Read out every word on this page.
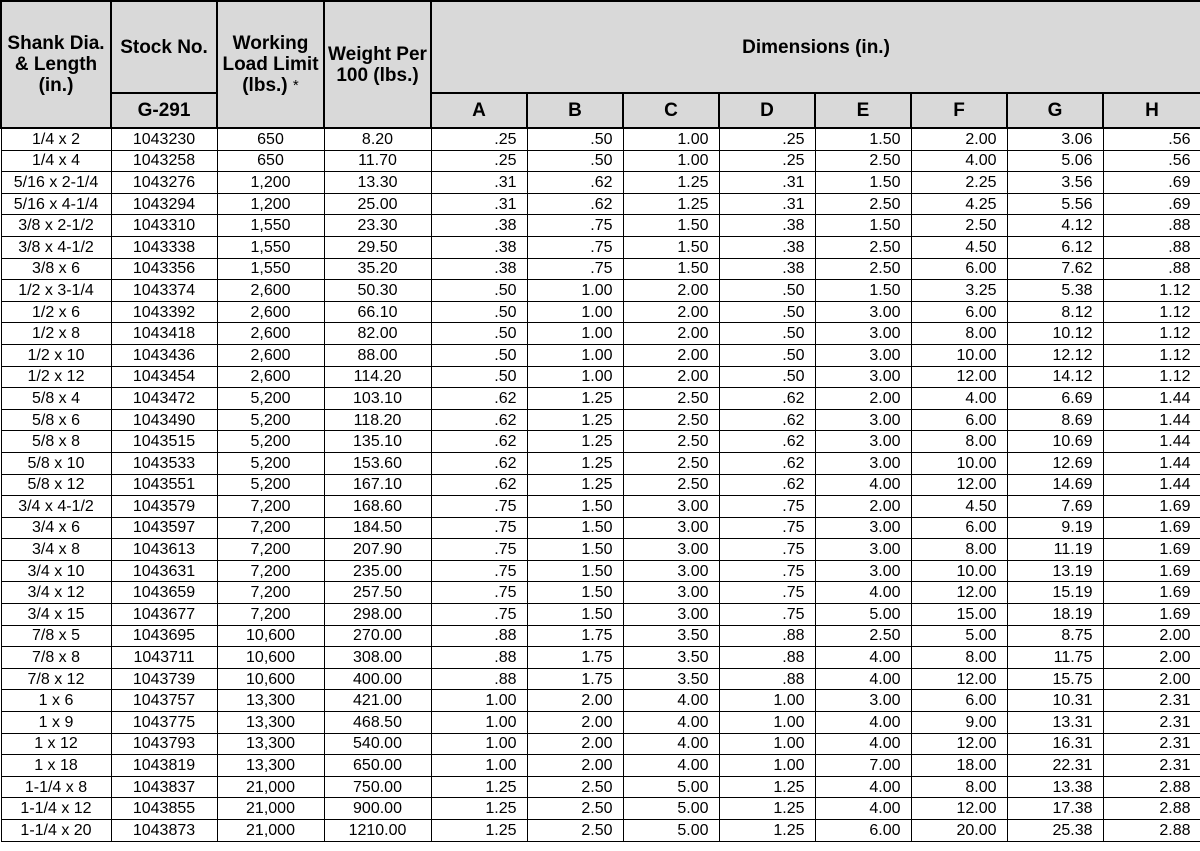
Shank Dia. & Length (in.)	Stock No.	Working Load Limit (lbs.) *	Weight Per 100 (lbs.)	Dimensions (in.)							
	G-291			A	B	C	D	E	F	G	H
1/4 x 2	1043230	650	8.20	.25	.50	1.00	.25	1.50	2.00	3.06	.56
1/4 x 4	1043258	650	11.70	.25	.50	1.00	.25	2.50	4.00	5.06	.56
5/16 x 2-1/4	1043276	1,200	13.30	.31	.62	1.25	.31	1.50	2.25	3.56	.69
5/16 x 4-1/4	1043294	1,200	25.00	.31	.62	1.25	.31	2.50	4.25	5.56	.69
3/8 x 2-1/2	1043310	1,550	23.30	.38	.75	1.50	.38	1.50	2.50	4.12	.88
3/8 x 4-1/2	1043338	1,550	29.50	.38	.75	1.50	.38	2.50	4.50	6.12	.88
3/8 x 6	1043356	1,550	35.20	.38	.75	1.50	.38	2.50	6.00	7.62	.88
1/2 x 3-1/4	1043374	2,600	50.30	.50	1.00	2.00	.50	1.50	3.25	5.38	1.12
1/2 x 6	1043392	2,600	66.10	.50	1.00	2.00	.50	3.00	6.00	8.12	1.12
1/2 x 8	1043418	2,600	82.00	.50	1.00	2.00	.50	3.00	8.00	10.12	1.12
1/2 x 10	1043436	2,600	88.00	.50	1.00	2.00	.50	3.00	10.00	12.12	1.12
1/2 x 12	1043454	2,600	114.20	.50	1.00	2.00	.50	3.00	12.00	14.12	1.12
5/8 x 4	1043472	5,200	103.10	.62	1.25	2.50	.62	2.00	4.00	6.69	1.44
5/8 x 6	1043490	5,200	118.20	.62	1.25	2.50	.62	3.00	6.00	8.69	1.44
5/8 x 8	1043515	5,200	135.10	.62	1.25	2.50	.62	3.00	8.00	10.69	1.44
5/8 x 10	1043533	5,200	153.60	.62	1.25	2.50	.62	3.00	10.00	12.69	1.44
5/8 x 12	1043551	5,200	167.10	.62	1.25	2.50	.62	4.00	12.00	14.69	1.44
3/4 x 4-1/2	1043579	7,200	168.60	.75	1.50	3.00	.75	2.00	4.50	7.69	1.69
3/4 x 6	1043597	7,200	184.50	.75	1.50	3.00	.75	3.00	6.00	9.19	1.69
3/4 x 8	1043613	7,200	207.90	.75	1.50	3.00	.75	3.00	8.00	11.19	1.69
3/4 x 10	1043631	7,200	235.00	.75	1.50	3.00	.75	3.00	10.00	13.19	1.69
3/4 x 12	1043659	7,200	257.50	.75	1.50	3.00	.75	4.00	12.00	15.19	1.69
3/4 x 15	1043677	7,200	298.00	.75	1.50	3.00	.75	5.00	15.00	18.19	1.69
7/8 x 5	1043695	10,600	270.00	.88	1.75	3.50	.88	2.50	5.00	8.75	2.00
7/8 x 8	1043711	10,600	308.00	.88	1.75	3.50	.88	4.00	8.00	11.75	2.00
7/8 x 12	1043739	10,600	400.00	.88	1.75	3.50	.88	4.00	12.00	15.75	2.00
1 x 6	1043757	13,300	421.00	1.00	2.00	4.00	1.00	3.00	6.00	10.31	2.31
1 x 9	1043775	13,300	468.50	1.00	2.00	4.00	1.00	4.00	9.00	13.31	2.31
1 x 12	1043793	13,300	540.00	1.00	2.00	4.00	1.00	4.00	12.00	16.31	2.31
1 x 18	1043819	13,300	650.00	1.00	2.00	4.00	1.00	7.00	18.00	22.31	2.31
1-1/4 x 8	1043837	21,000	750.00	1.25	2.50	5.00	1.25	4.00	8.00	13.38	2.88
1-1/4 x 12	1043855	21,000	900.00	1.25	2.50	5.00	1.25	4.00	12.00	17.38	2.88
1-1/4 x 20	1043873	21,000	1210.00	1.25	2.50	5.00	1.25	6.00	20.00	25.38	2.88
